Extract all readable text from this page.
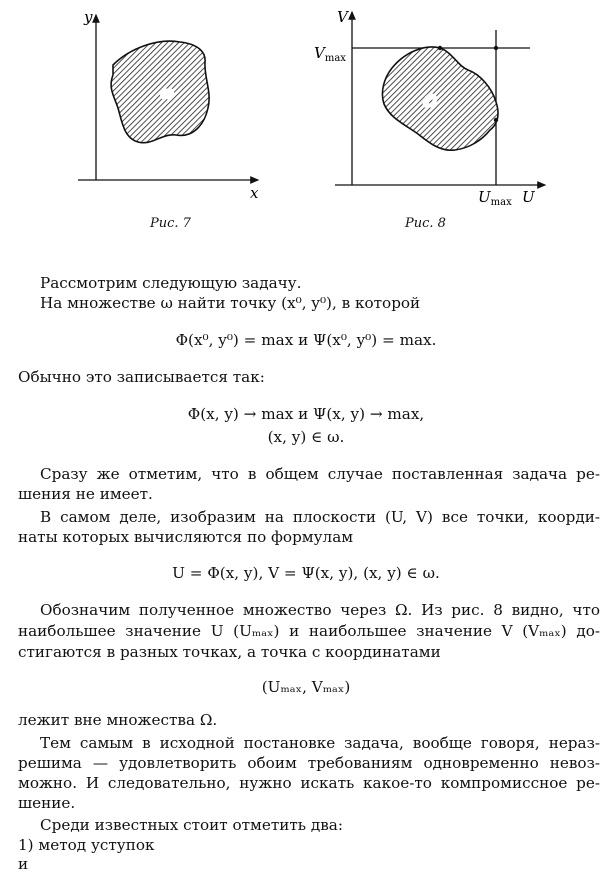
y
x
ω
V
U
$V_{max}$
$U_{max}$
Ω
Рис. 7	Рис. 8
Рассмотрим следующую задачу.
На множестве ω найти точку (x⁰, y⁰), в которой
Φ(x⁰, y⁰) = max и Ψ(x⁰, y⁰) = max.
Обычно это записывается так:
Φ(x, y) → max и Ψ(x, y) → max,
(x, y) ∈ ω.
Сразу же отметим, что в общем случае поставленная задача ре-
шения не имеет.
В самом деле, изобразим на плоскости (U, V) все точки, коорди-
наты которых вычисляются по формулам
U = Φ(x, y), V = Ψ(x, y), (x, y) ∈ ω.
Обозначим полученное множество через Ω. Из рис. 8 видно, что
наибольшее значение U (Uₘₐₓ) и наибольшее значение V (Vₘₐₓ) до-
стигаются в разных точках, а точка с координатами
(Uₘₐₓ, Vₘₐₓ)
лежит вне множества Ω.
Тем самым в исходной постановке задача, вообще говоря, нераз-
решима — удовлетворить обоим требованиям одновременно невоз-
можно. И следовательно, нужно искать какое-то компромиссное ре-
шение.
Среди известных стоит отметить два:
1) метод уступок
и
